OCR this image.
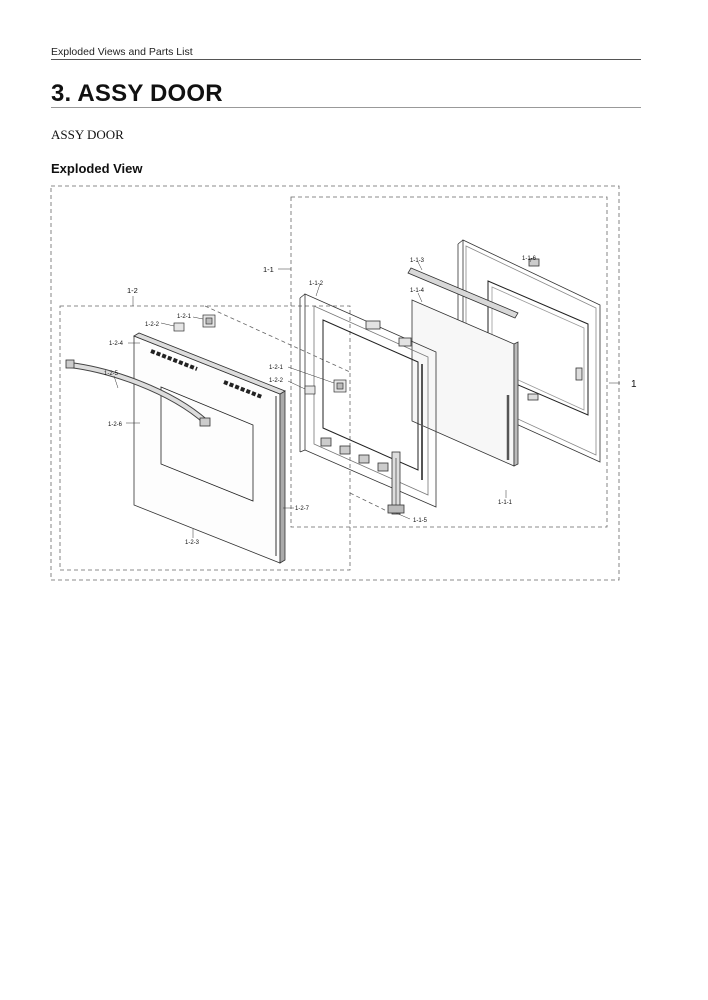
Exploded Views and Parts List
3. ASSY DOOR
ASSY DOOR
Exploded View
1
1-1
1-1-1
1-1-2
1-1-3
1-1-4
1-1-5
1-1-6
1-2
1-2-1
1-2-1
1-2-2
1-2-2
1-2-3
1-2-4
1-2-5
1-2-6
1-2-7
